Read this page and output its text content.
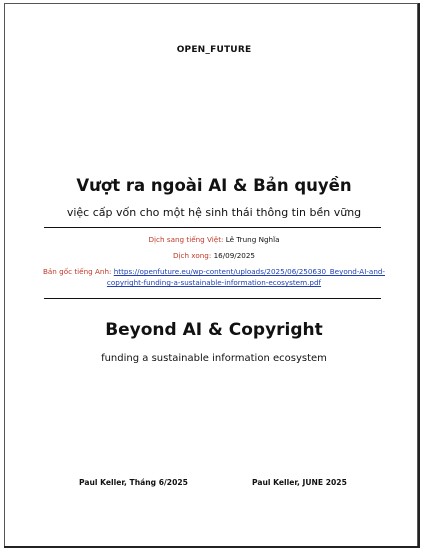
OPEN_FUTURE
Vượt ra ngoài AI & Bản quyền
việc cấp vốn cho một hệ sinh thái thông tin bền vững
Dịch sang tiếng Việt: Lê Trung Nghĩa
Dịch xong: 16/09/2025
Bản gốc tiếng Anh: https://openfuture.eu/wp-content/uploads/2025/06/250630_Beyond-AI-and-copyright-funding-a-sustainable-information-ecosystem.pdf
Beyond AI & Copyright
funding a sustainable information ecosystem
Paul Keller, Tháng 6/2025	Paul Keller, JUNE 2025
